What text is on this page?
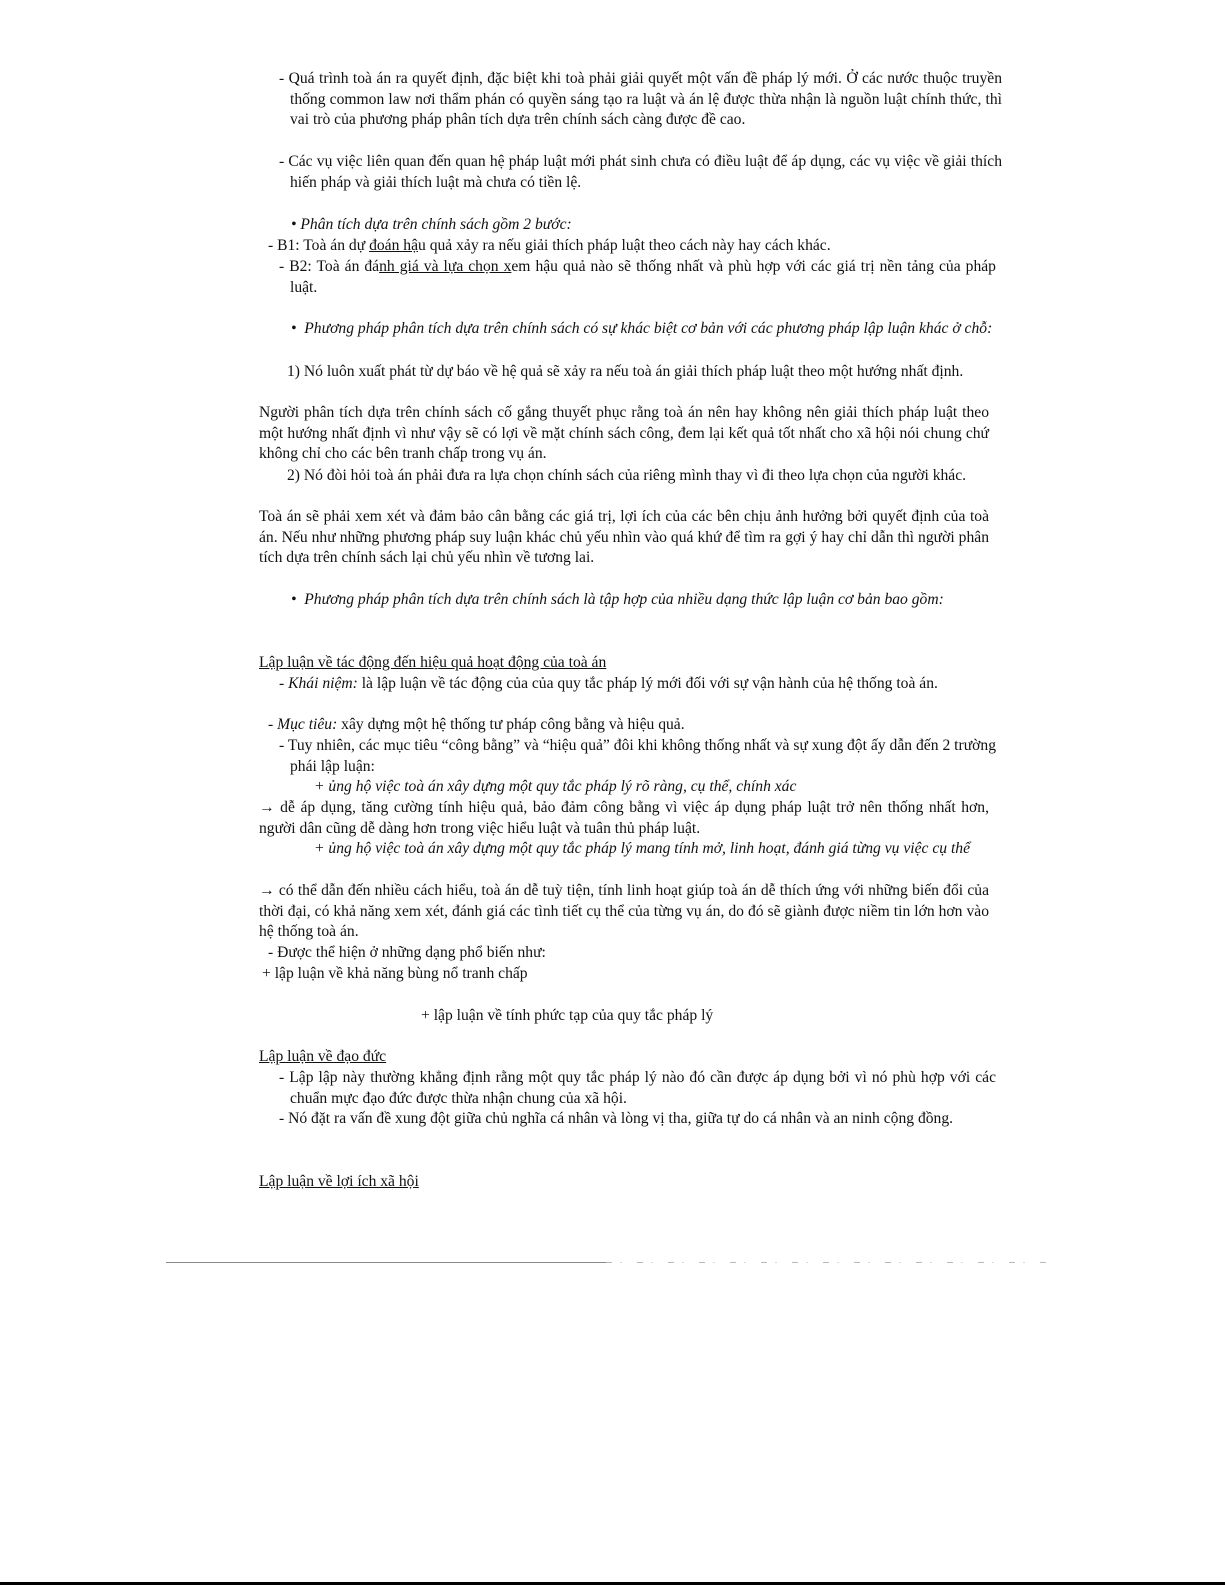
- Quá trình toà án ra quyết định, đặc biệt khi toà phải giải quyết một vấn đề pháp lý mới. Ở các nước thuộc truyền thống common law nơi thẩm phán có quyền sáng tạo ra luật và án lệ được thừa nhận là nguồn luật chính thức, thì vai trò của phương pháp phân tích dựa trên chính sách càng được đề cao.
- Các vụ việc liên quan đến quan hệ pháp luật mới phát sinh chưa có điều luật để áp dụng, các vụ việc về giải thích hiến pháp và giải thích luật mà chưa có tiền lệ.
• Phân tích dựa trên chính sách gồm 2 bước:
- B1: Toà án dự đoán hậu quả xảy ra nếu giải thích pháp luật theo cách này hay cách khác.
- B2: Toà án đánh giá và lựa chọn xem hậu quả nào sẽ thống nhất và phù hợp với các giá trị nền tảng của pháp luật.
•  Phương pháp phân tích dựa trên chính sách có sự khác biệt cơ bản với các phương pháp lập luận khác ở chỗ:
1) Nó luôn xuất phát từ dự báo về hệ quả sẽ xảy ra nếu toà án giải thích pháp luật theo một hướng nhất định.
Người phân tích dựa trên chính sách cố gắng thuyết phục rằng toà án nên hay không nên giải thích pháp luật theo một hướng nhất định vì như vậy sẽ có lợi về mặt chính sách công, đem lại kết quả tốt nhất cho xã hội nói chung chứ không chỉ cho các bên tranh chấp trong vụ án.
2) Nó đòi hỏi toà án phải đưa ra lựa chọn chính sách của riêng mình thay vì đi theo lựa chọn của người khác.
Toà án sẽ phải xem xét và đảm bảo cân bằng các giá trị, lợi ích của các bên chịu ảnh hưởng bởi quyết định của toà án. Nếu như những phương pháp suy luận khác chủ yếu nhìn vào quá khứ để tìm ra gợi ý hay chỉ dẫn thì người phân tích dựa trên chính sách lại chủ yếu nhìn về tương lai.
•  Phương pháp phân tích dựa trên chính sách là tập hợp của nhiều dạng thức lập luận cơ bản bao gồm:
Lập luận về tác động đến hiệu quả hoạt động của toà án
- Khái niệm: là lập luận về tác động của của quy tắc pháp lý mới đối với sự vận hành của hệ thống toà án.
- Mục tiêu: xây dựng một hệ thống tư pháp công bằng và hiệu quả.
- Tuy nhiên, các mục tiêu “công bằng” và “hiệu quả” đôi khi không thống nhất và sự xung đột ấy dẫn đến 2 trường phái lập luận:
+ ủng hộ việc toà án xây dựng một quy tắc pháp lý rõ ràng, cụ thể, chính xác
→ dễ áp dụng, tăng cường tính hiệu quả, bảo đảm công bằng vì việc áp dụng pháp luật trở nên thống nhất hơn, người dân cũng dễ dàng hơn trong việc hiểu luật và tuân thủ pháp luật.
+ ủng hộ việc toà án xây dựng một quy tắc pháp lý mang tính mở, linh hoạt, đánh giá từng vụ việc cụ thể
→ có thể dẫn đến nhiều cách hiểu, toà án dễ tuỳ tiện, tính linh hoạt giúp toà án dễ thích ứng với những biến đổi của thời đại, có khả năng xem xét, đánh giá các tình tiết cụ thể của từng vụ án, do đó sẽ giành được niềm tin lớn hơn vào hệ thống toà án.
- Được thể hiện ở những dạng phổ biến như:
+ lập luận về khả năng bùng nổ tranh chấp
+ lập luận về tính phức tạp của quy tắc pháp lý
Lập luận về đạo đức
- Lập lập này thường khẳng định rằng một quy tắc pháp lý nào đó cần được áp dụng bởi vì nó phù hợp với các chuẩn mực đạo đức được thừa nhận chung của xã hội.
- Nó đặt ra vấn đề xung đột giữa chủ nghĩa cá nhân và lòng vị tha, giữa tự do cá nhân và an ninh cộng đồng.
Lập luận về lợi ích xã hội
